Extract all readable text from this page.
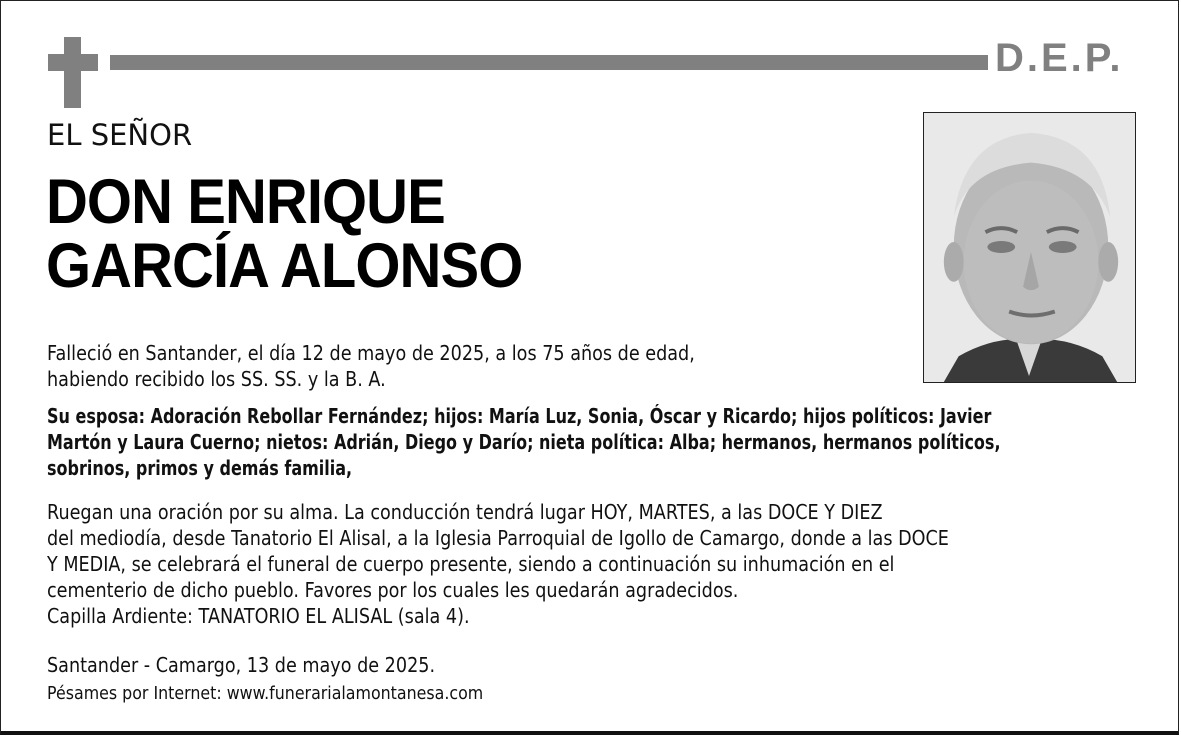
D.E.P.
EL SEÑOR
DON ENRIQUE
GARCÍA ALONSO

Falleció en Santander, el día 12 de mayo de 2025, a los 75 años de edad,
habiendo recibido los SS. SS. y la B. A.

Su esposa: Adoración Rebollar Fernández; hijos: María Luz, Sonia, Óscar y Ricardo; hijos políticos: Javier
Martón y Laura Cuerno; nietos: Adrián, Diego y Darío; nieta política: Alba; hermanos, hermanos políticos,
sobrinos, primos y demás familia,

Ruegan una oración por su alma. La conducción tendrá lugar HOY, MARTES, a las DOCE Y DIEZ
del mediodía, desde Tanatorio El Alisal, a la Iglesia Parroquial de Igollo de Camargo, donde a las DOCE
Y MEDIA, se celebrará el funeral de cuerpo presente, siendo a continuación su inhumación en el
cementerio de dicho pueblo. Favores por los cuales les quedarán agradecidos.
Capilla Ardiente: TANATORIO EL ALISAL (sala 4).

Santander - Camargo, 13 de mayo de 2025.

Pésames por Internet: www.funerarialamontanesa.com
